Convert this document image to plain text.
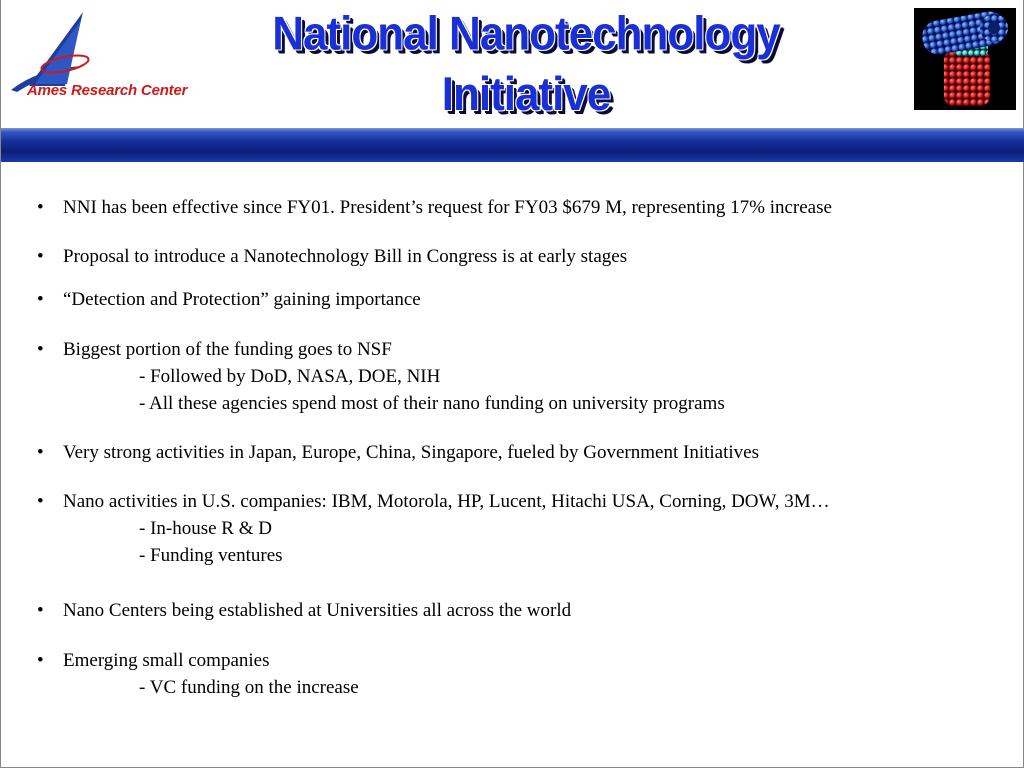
Ames Research Center
National Nanotechnology
Initiative
• NNI has been effective since FY01. President’s request for FY03 $679 M, representing 17% increase
• Proposal to introduce a Nanotechnology Bill in Congress is at early stages
• “Detection and Protection” gaining importance
• Biggest portion of the funding goes to NSF
- Followed by DoD, NASA, DOE, NIH
- All these agencies spend most of their nano funding on university programs
• Very strong activities in Japan, Europe, China, Singapore, fueled by Government Initiatives
• Nano activities in U.S. companies: IBM, Motorola, HP, Lucent, Hitachi USA, Corning, DOW, 3M…
- In-house R & D
- Funding ventures
• Nano Centers being established at Universities all across the world
• Emerging small companies
- VC funding on the increase
